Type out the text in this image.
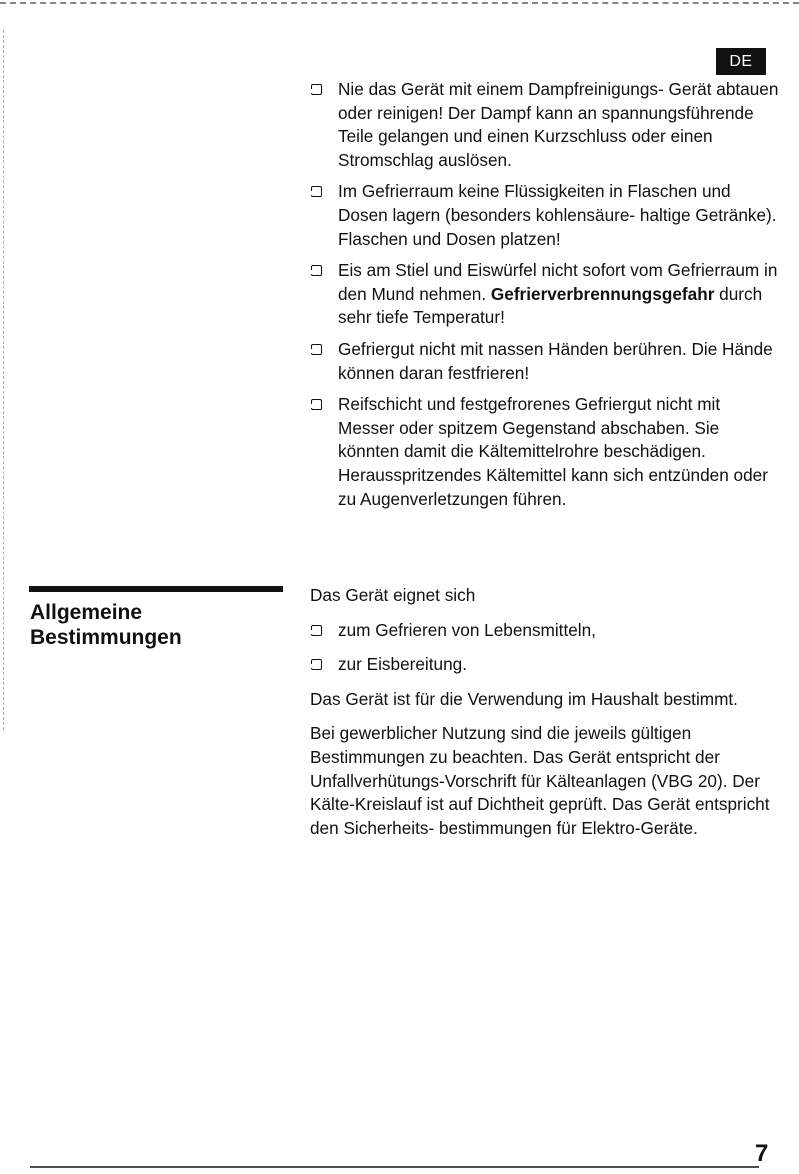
DE
Nie das Gerät mit einem Dampfreinigungs- Gerät abtauen oder reinigen! Der Dampf kann an spannungsführende Teile gelangen und einen Kurzschluss oder einen Stromschlag auslösen.
Im Gefrierraum keine Flüssigkeiten in Flaschen und Dosen lagern (besonders kohlensäure- haltige Getränke). Flaschen und Dosen platzen!
Eis am Stiel und Eiswürfel nicht sofort vom Gefrierraum in den Mund nehmen. Gefrierverbrennungsgefahr durch sehr tiefe Temperatur!
Gefriergut nicht mit nassen Händen berühren. Die Hände können daran festfrieren!
Reifschicht und festgefrorenes Gefriergut nicht mit Messer oder spitzem Gegenstand abschaben. Sie könnten damit die Kältemittelrohre beschädigen. Herausspritzendes Kältemittel kann sich entzünden oder zu Augenverletzungen führen.
Allgemeine
Bestimmungen

Das Gerät eignet sich

zum Gefrieren von Lebensmitteln,
zur Eisbereitung.

Das Gerät ist für die Verwendung im Haushalt bestimmt.

Bei gewerblicher Nutzung sind die jeweils gültigen Bestimmungen zu beachten. Das Gerät entspricht der Unfallverhütungs-Vorschrift für Kälteanlagen (VBG 20). Der Kälte-Kreislauf ist auf Dichtheit geprüft. Das Gerät entspricht den Sicherheits- bestimmungen für Elektro-Geräte.

7
